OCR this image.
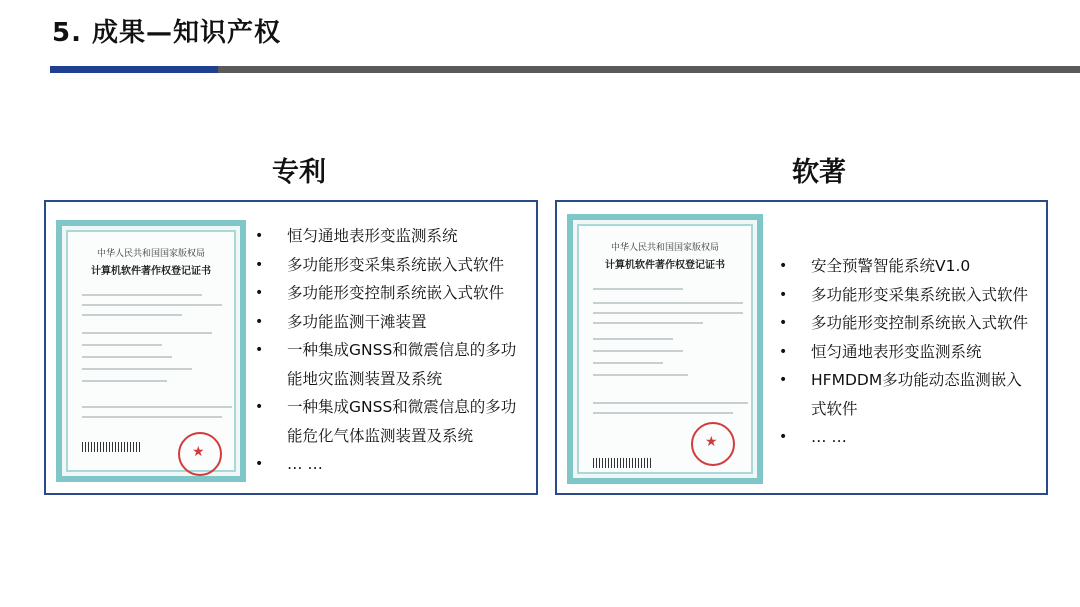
5. 成果—知识产权
专利
中华人民共和国国家版权局
计算机软件著作权登记证书
★
• 恒匀通地表形变监测系统
• 多功能形变采集系统嵌入式软件
• 多功能形变控制系统嵌入式软件
• 多功能监测干滩装置
• 一种集成GNSS和微震信息的多功
能地灾监测装置及系统
• 一种集成GNSS和微震信息的多功
能危化气体监测装置及系统
• … …
软著
中华人民共和国国家版权局
计算机软件著作权登记证书
★
• 安全预警智能系统V1.0
• 多功能形变采集系统嵌入式软件
• 多功能形变控制系统嵌入式软件
• 恒匀通地表形变监测系统
• HFMDDM多功能动态监测嵌入
式软件
• … …
